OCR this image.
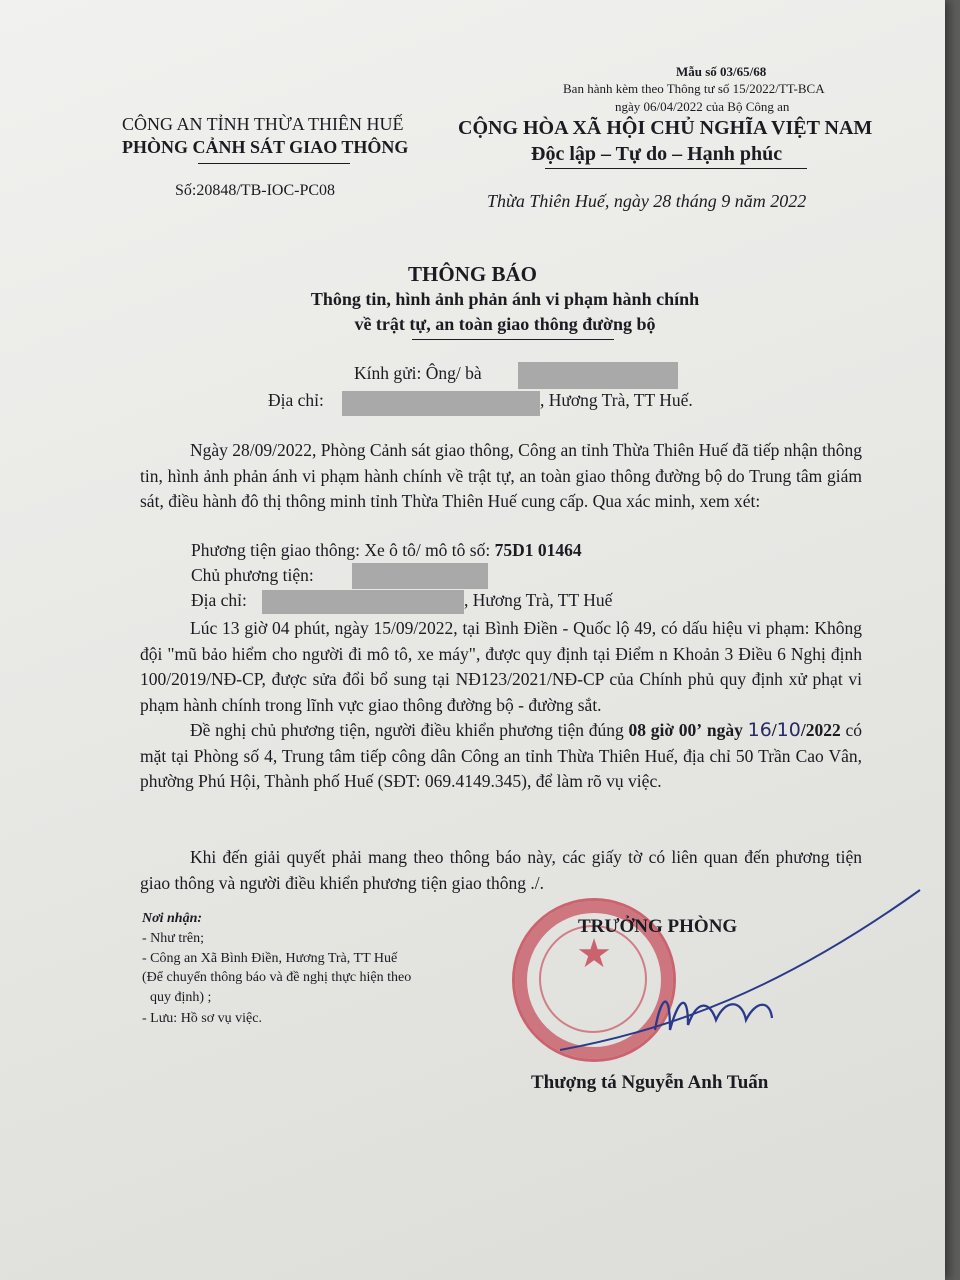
Mẫu số 03/65/68
Ban hành kèm theo Thông tư số 15/2022/TT-BCA
ngày 06/04/2022 của Bộ Công an
CÔNG AN TỈNH THỪA THIÊN HUẾ
PHÒNG CẢNH SÁT GIAO THÔNG
Số:20848/TB-IOC-PC08
CỘNG HÒA XÃ HỘI CHỦ NGHĨA VIỆT NAM
Độc lập – Tự do – Hạnh phúc
Thừa Thiên Huế, ngày 28 tháng 9 năm 2022
THÔNG BÁO
Thông tin, hình ảnh phản ánh vi phạm hành chính
về trật tự, an toàn giao thông đường bộ
Kính gửi: Ông/ bà
Địa chỉ:	, Hương Trà, TT Huế.
Ngày 28/09/2022, Phòng Cảnh sát giao thông, Công an tỉnh Thừa Thiên Huế đã tiếp nhận thông tin, hình ảnh phản ánh vi phạm hành chính về trật tự, an toàn giao thông đường bộ do Trung tâm giám sát, điều hành đô thị thông minh tỉnh Thừa Thiên Huế cung cấp. Qua xác minh, xem xét:
Phương tiện giao thông: Xe ô tô/ mô tô số: 75D1 01464
Chủ phương tiện:
Địa chỉ:	, Hương Trà, TT Huế
Lúc 13 giờ 04 phút, ngày 15/09/2022, tại Bình Điền - Quốc lộ 49, có dấu hiệu vi phạm: Không đội "mũ bảo hiểm cho người đi mô tô, xe máy", được quy định tại Điểm n Khoản 3 Điều 6 Nghị định 100/2019/NĐ-CP, được sửa đổi bổ sung tại NĐ123/2021/NĐ-CP của Chính phủ quy định xử phạt vi phạm hành chính trong lĩnh vực giao thông đường bộ - đường sắt.
Đề nghị chủ phương tiện, người điều khiển phương tiện đúng 08 giờ 00’ ngày 16/10/2022 có mặt tại Phòng số 4, Trung tâm tiếp công dân Công an tỉnh Thừa Thiên Huế, địa chỉ 50 Trần Cao Vân, phường Phú Hội, Thành phố Huế (SĐT: 069.4149.345), để làm rõ vụ việc.
Khi đến giải quyết phải mang theo thông báo này, các giấy tờ có liên quan đến phương tiện giao thông và người điều khiển phương tiện giao thông ./.
Nơi nhận:
- Như trên;
- Công an Xã Bình Điền, Hương Trà, TT Huế
(Để chuyển thông báo và đề nghị thực hiện theo
quy định) ;
- Lưu: Hồ sơ vụ việc.
★
TRƯỞNG PHÒNG
Thượng tá Nguyễn Anh Tuấn
